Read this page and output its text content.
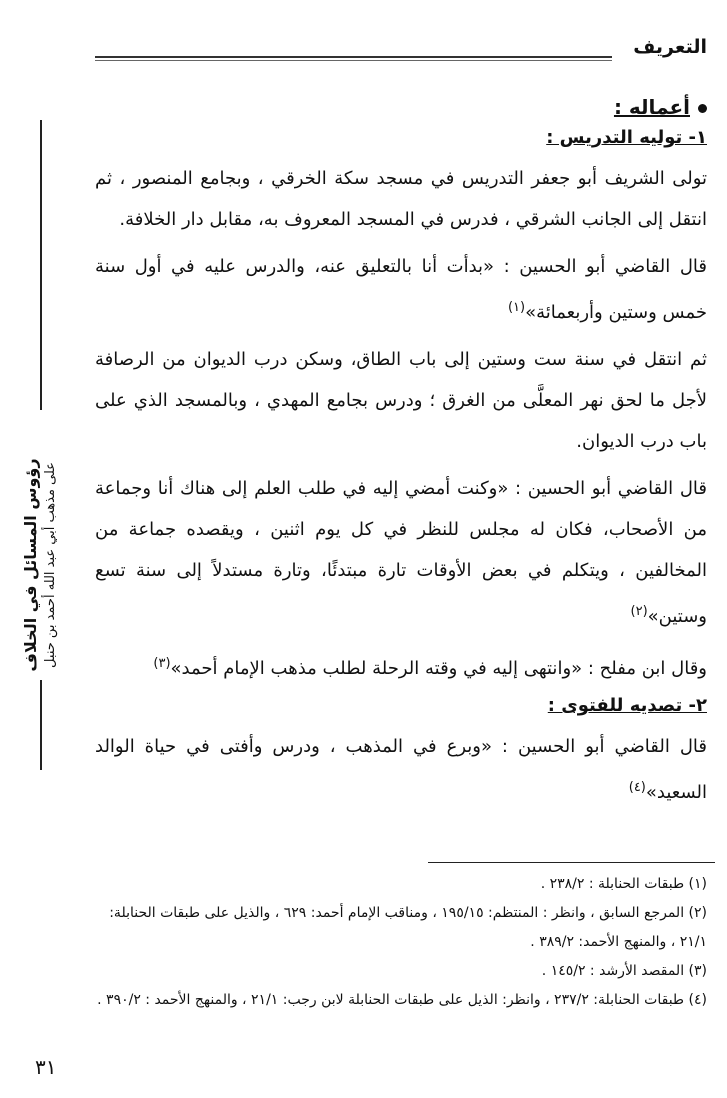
التعريف
رؤوس المسائل في الخلاف على مذهب أبي عبد الله أحمد بن حنبل
أعماله :
١- توليه التدريس :

تولى الشريف أبو جعفر التدريس في مسجد سكة الخرقي ، وبجامع المنصور ، ثم انتقل إلى الجانب الشرقي ، فدرس في المسجد المعروف به، مقابل دار الخلافة.

قال القاضي أبو الحسين : «بدأت أنا بالتعليق عنه، والدرس عليه في أول سنة خمس وستين وأربعمائة»$^{(١)}$

ثم انتقل في سنة ست وستين إلى باب الطاق، وسكن درب الديوان من الرصافة لأجل ما لحق نهر المعلَّى من الغرق ؛ ودرس بجامع المهدي ، وبالمسجد الذي على باب درب الديوان.

قال القاضي أبو الحسين : «وكنت أمضي إليه في طلب العلم إلى هناك أنا وجماعة من الأصحاب، فكان له مجلس للنظر في كل يوم اثنين ، ويقصده جماعة من المخالفين ، ويتكلم في بعض الأوقات تارة مبتدئًا، وتارة مستدلاً إلى سنة تسع وستين»$^{(٢)}$

وقال ابن مفلح : «وانتهى إليه في وقته الرحلة لطلب مذهب الإمام أحمد»$^{(٣)}$

٢- تصديه للفتوى :

قال القاضي أبو الحسين : «وبرع في المذهب ، ودرس وأفتى في حياة الوالد السعيد»$^{(٤)}$

(١) طبقات الحنابلة : ٢٣٨/٢ .

(٢) المرجع السابق ، وانظر : المنتظم: ١٩٥/١٥ ، ومناقب الإمام أحمد: ٦٢٩ ، والذيل على طبقات الحنابلة: ٢١/١ ، والمنهج الأحمد: ٣٨٩/٢ .

(٣) المقصد الأرشد : ١٤٥/٢ .

(٤) طبقات الحنابلة: ٢٣٧/٢ ، وانظر: الذيل على طبقات الحنابلة لابن رجب: ٢١/١ ، والمنهج الأحمد : ٣٩٠/٢ .

٣١
